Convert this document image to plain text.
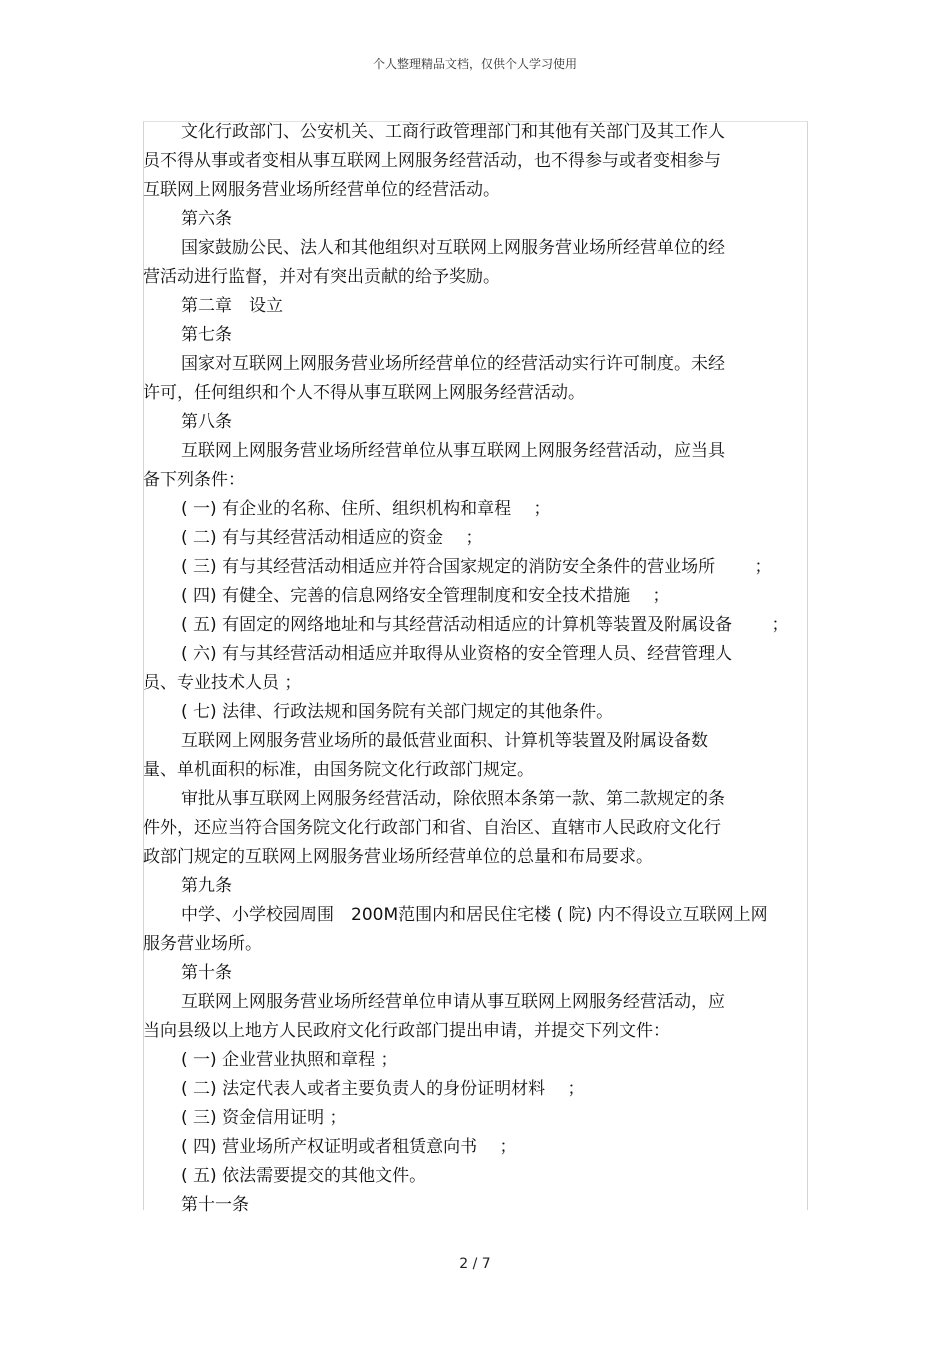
个人整理精品文档，仅供个人学习使用

文化行政部门、公安机关、工商行政管理部门和其他有关部门及其工作人

员不得从事或者变相从事互联网上网服务经营活动，也不得参与或者变相参与

互联网上网服务营业场所经营单位的经营活动。

第六条

国家鼓励公民、法人和其他组织对互联网上网服务营业场所经营单位的经

营活动进行监督，并对有突出贡献的给予奖励。

第二章　设立

第七条

国家对互联网上网服务营业场所经营单位的经营活动实行许可制度。未经

许可，任何组织和个人不得从事互联网上网服务经营活动。

第八条

互联网上网服务营业场所经营单位从事互联网上网服务经营活动，应当具

备下列条件：

( 一) 有企业的名称、住所、组织机构和章程　 ；

( 二) 有与其经营活动相适应的资金　 ；

( 三) 有与其经营活动相适应并符合国家规定的消防安全条件的营业场所　　 ；

( 四) 有健全、完善的信息网络安全管理制度和安全技术措施　 ；

( 五) 有固定的网络地址和与其经营活动相适应的计算机等装置及附属设备　　 ；

( 六) 有与其经营活动相适应并取得从业资格的安全管理人员、经营管理人

员、专业技术人员 ；

( 七) 法律、行政法规和国务院有关部门规定的其他条件。

互联网上网服务营业场所的最低营业面积、计算机等装置及附属设备数

量、单机面积的标准，由国务院文化行政部门规定。

审批从事互联网上网服务经营活动，除依照本条第一款、第二款规定的条

件外，还应当符合国务院文化行政部门和省、自治区、直辖市人民政府文化行

政部门规定的互联网上网服务营业场所经营单位的总量和布局要求。

第九条

中学、小学校园周围　200M范围内和居民住宅楼 ( 院) 内不得设立互联网上网

服务营业场所。

第十条

互联网上网服务营业场所经营单位申请从事互联网上网服务经营活动，应

当向县级以上地方人民政府文化行政部门提出申请，并提交下列文件：

( 一) 企业营业执照和章程 ；

( 二) 法定代表人或者主要负责人的身份证明材料　 ；

( 三) 资金信用证明 ；

( 四) 营业场所产权证明或者租赁意向书　 ；

( 五) 依法需要提交的其他文件。

第十一条

2 / 7
